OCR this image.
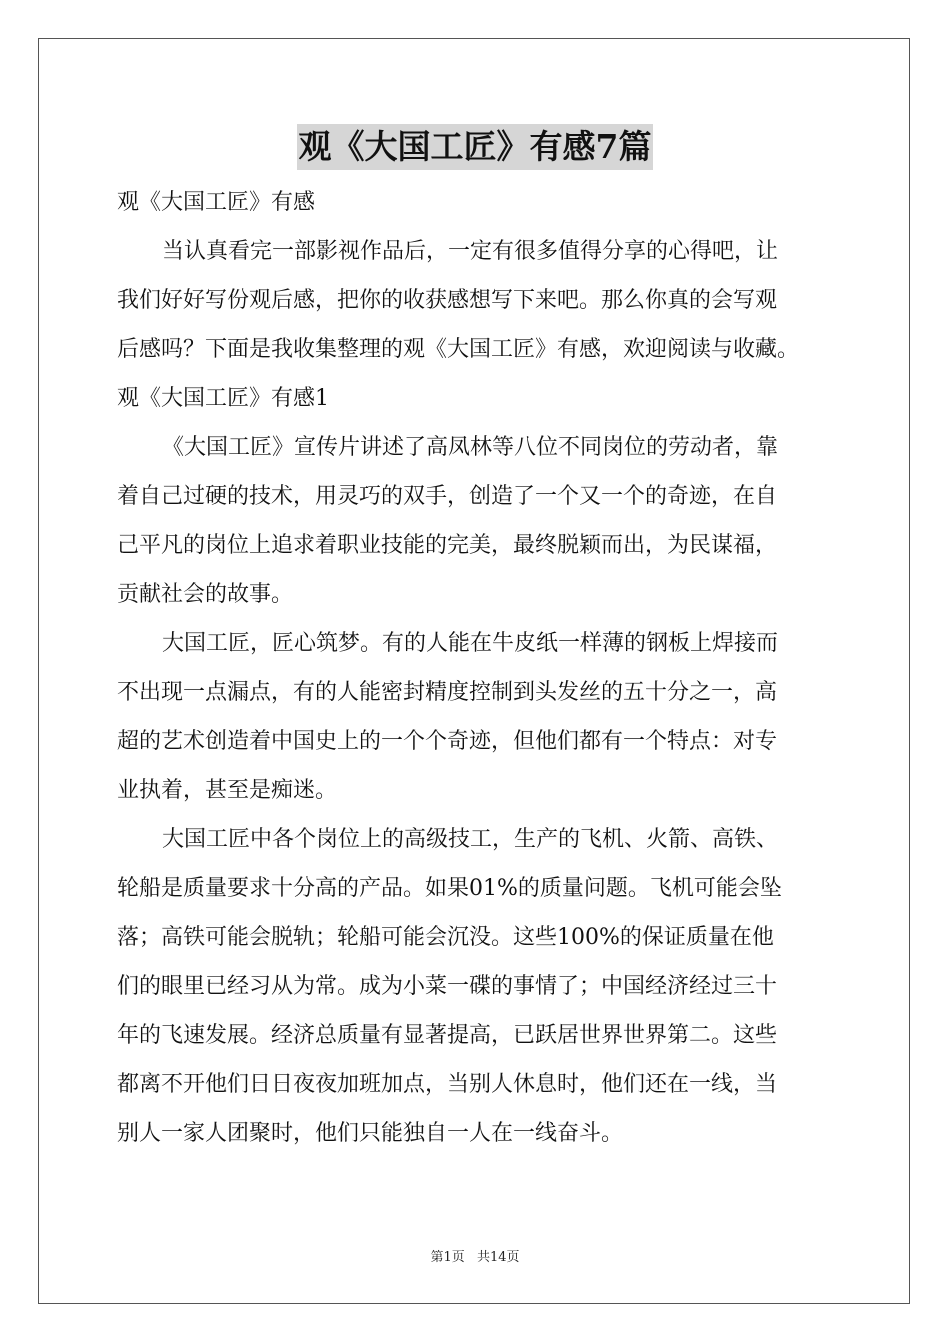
观《大国工匠》有感7篇
观《大国工匠》有感
当认真看完一部影视作品后，一定有很多值得分享的心得吧，让
我们好好写份观后感，把你的收获感想写下来吧。那么你真的会写观
后感吗？下面是我收集整理的观《大国工匠》有感，欢迎阅读与收藏。
观《大国工匠》有感1
《大国工匠》宣传片讲述了高凤林等八位不同岗位的劳动者，靠
着自己过硬的技术，用灵巧的双手，创造了一个又一个的奇迹，在自
己平凡的岗位上追求着职业技能的完美，最终脱颖而出，为民谋福，
贡献社会的故事。
大国工匠，匠心筑梦。有的人能在牛皮纸一样薄的钢板上焊接而
不出现一点漏点，有的人能密封精度控制到头发丝的五十分之一，高
超的艺术创造着中国史上的一个个奇迹，但他们都有一个特点：对专
业执着，甚至是痴迷。
大国工匠中各个岗位上的高级技工，生产的飞机、火箭、高铁、
轮船是质量要求十分高的产品。如果01%的质量问题。飞机可能会坠
落；高铁可能会脱轨；轮船可能会沉没。这些100%的保证质量在他
们的眼里已经习从为常。成为小菜一碟的事情了；中国经济经过三十
年的飞速发展。经济总质量有显著提高，已跃居世界世界第二。这些
都离不开他们日日夜夜加班加点，当别人休息时，他们还在一线，当
别人一家人团聚时，他们只能独自一人在一线奋斗。
第1页 共14页
